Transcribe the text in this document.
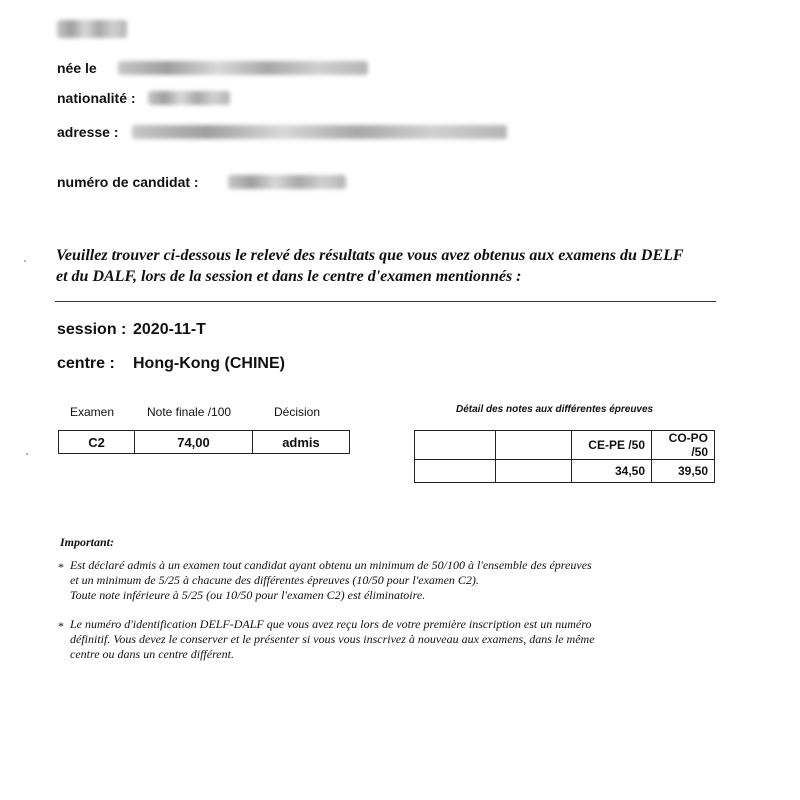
née le
nationalité :
adresse :
numéro de candidat :
Veuillez trouver ci-dessous le relevé des résultats que vous avez obtenus aux examens du DELF
et du DALF, lors de la session et dans le centre d'examen mentionnés :
session : 2020-11-T
centre : Hong-Kong (CHINE)
Examen	Note finale /100	Décision
C2	74,00	admis
Détail des notes aux différentes épreuves
		CE-PE /50	CO-PO /50
		34,50	39,50
Important:
* Est déclaré admis à un examen tout candidat ayant obtenu un minimum de 50/100 à l'ensemble des épreuves
et un minimum de 5/25 à chacune des différentes épreuves (10/50 pour l'examen C2).
Toute note inférieure à 5/25 (ou 10/50 pour l'examen C2) est éliminatoire.
* Le numéro d'identification DELF-DALF que vous avez reçu lors de votre première inscription est un numéro
définitif. Vous devez le conserver et le présenter si vous vous inscrivez à nouveau aux examens, dans le même
centre ou dans un centre différent.
